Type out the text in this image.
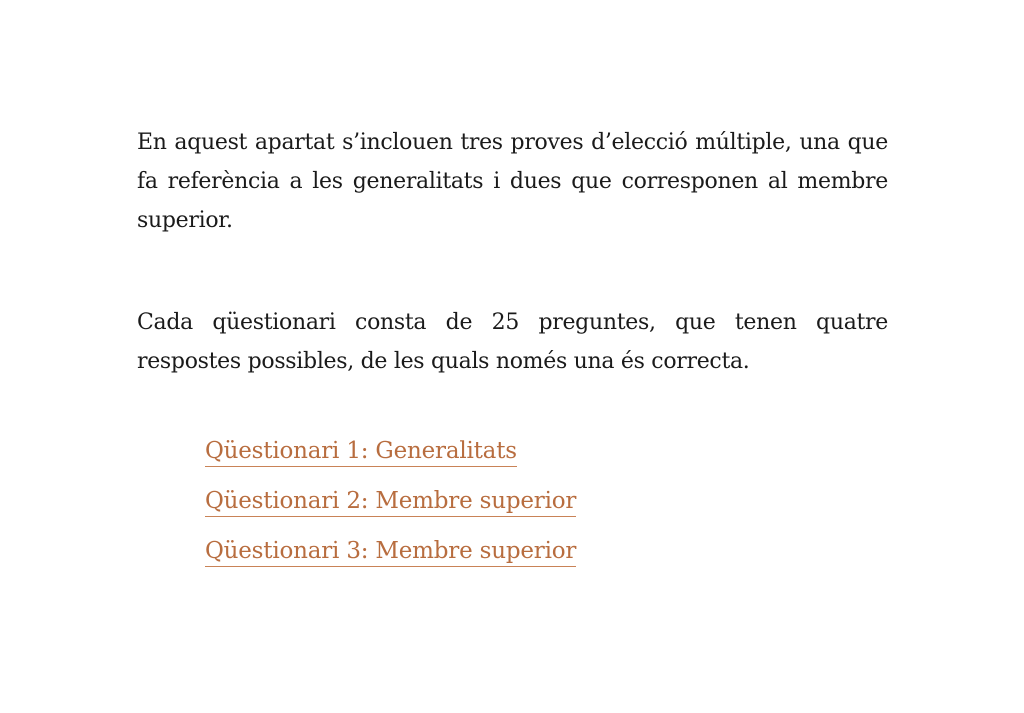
En aquest apartat s’inclouen tres proves d’elecció múltiple, una que fa referència a les generalitats i dues que corresponen al membre superior.

Cada qüestionari consta de 25 preguntes, que tenen quatre respostes possibles, de les quals només una és correcta.

Qüestionari 1: Generalitats
Qüestionari 2: Membre superior
Qüestionari 3: Membre superior
